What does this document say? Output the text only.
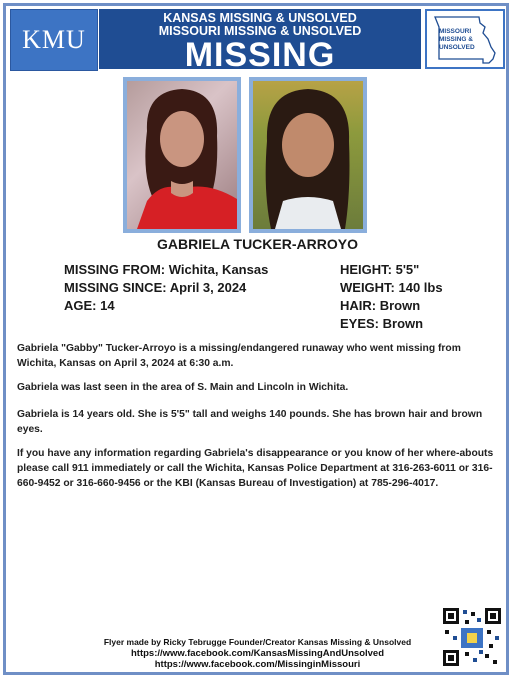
KMU
KANSAS MISSING & UNSOLVED
MISSOURI MISSING & UNSOLVED
MISSING
MISSOURI
MISSING &
UNSOLVED
GABRIELA TUCKER-ARROYO
MISSING FROM: Wichita, Kansas
MISSING SINCE: April 3, 2024
AGE: 14
HEIGHT: 5'5"
WEIGHT: 140 lbs
HAIR: Brown
EYES: Brown
Gabriela "Gabby" Tucker-Arroyo is a missing/endangered runaway who went missing from Wichita, Kansas on April 3, 2024 at 6:30 a.m.
Gabriela was last seen in the area of S. Main and Lincoln in Wichita.
Gabriela is 14 years old. She is 5'5" tall and weighs 140 pounds. She has brown hair and brown eyes.
If you have any information regarding Gabriela's disappearance or you know of her where-abouts please call 911 immediately or call the Wichita, Kansas Police Department at 316-263-6011 or 316-660-9452 or 316-660-9456 or the KBI (Kansas Bureau of Investigation) at 785-296-4017.
Flyer made by Ricky Tebrugge Founder/Creator Kansas Missing & Unsolved
https://www.facebook.com/KansasMissingAndUnsolved
https://www.facebook.com/MissinginMissouri
